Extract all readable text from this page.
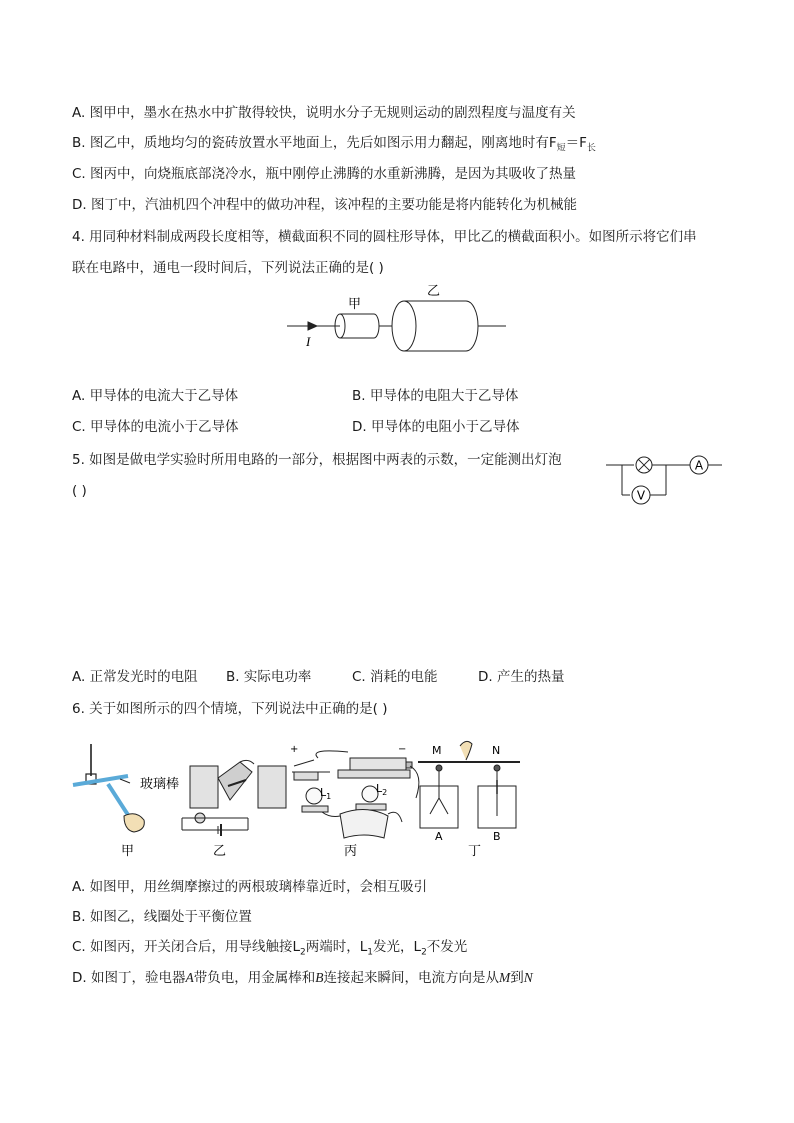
A. 图甲中，墨水在热水中扩散得较快，说明水分子无规则运动的剧烈程度与温度有关
B. 图乙中，质地均匀的瓷砖放置水平地面上，先后如图示用力翻起，刚离地时有$F_短=F_长$
C. 图丙中，向烧瓶底部浇冷水，瓶中刚停止沸腾的水重新沸腾，是因为其吸收了热量
D. 图丁中，汽油机四个冲程中的做功冲程，该冲程的主要功能是将内能转化为机械能
4. 用同种材料制成两段长度相等，横截面积不同的圆柱形导体，甲比乙的横截面积小。如图所示将它们串
联在电路中，通电一段时间后，下列说法正确的是( )
甲
乙
I
A. 甲导体的电流大于乙导体	B. 甲导体的电阻大于乙导体
C. 甲导体的电流小于乙导体	D. 甲导体的电阻小于乙导体
5. 如图是做电学实验时所用电路的一部分，根据图中两表的示数，一定能测出灯泡
( )	V
A
A. 正常发光时的电阻 B. 实际电功率	C. 消耗的电能	D. 产生的热量
6. 关于如图所示的四个情境，下列说法中正确的是( )
玻璃棒
甲	乙
+	−
$L_1$
$L_2$
丙
M	N
A	B
丁
A. 如图甲，用丝绸摩擦过的两根玻璃棒靠近时，会相互吸引
B. 如图乙，线圈处于平衡位置
C. 如图丙，开关闭合后，用导线触接$L_2$两端时，$L_1$发光，$L_2$不发光
D. 如图丁，验电器A带负电，用金属棒和B连接起来瞬间，电流方向是从M到N
